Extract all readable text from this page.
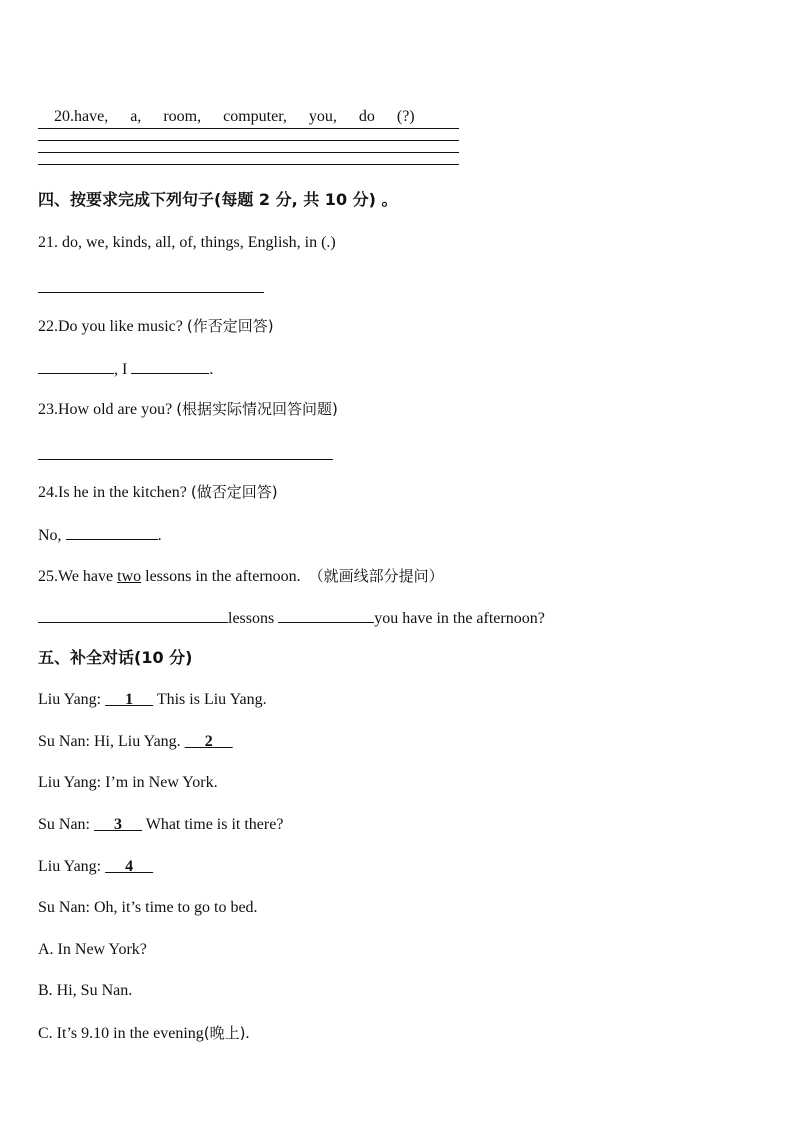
20.have, a, room, computer, you, do (?)

四、按要求完成下列句子(每题 2 分, 共 10 分) 。
21. do, we, kinds, all, of, things, English, in (.)
22.Do you like music? (作否定回答)
, I	.
23.How old are you? (根据实际情况回答问题)
24.Is he in the kitchen? (做否定回答)
No,	.
25.We have two lessons in the afternoon.  （就画线部分提问）
lessons	you have in the afternoon?
五、补全对话(10 分)
Liu Yang:      1      This is Liu Yang.
Su Nan: Hi, Liu Yang.      2
Liu Yang: I’m in New York.
Su Nan:      3      What time is it there?
Liu Yang:      4
Su Nan: Oh, it’s time to go to bed.
A. In New York?
B. Hi, Su Nan.
C. It’s 9.10 in the evening(晚上).
